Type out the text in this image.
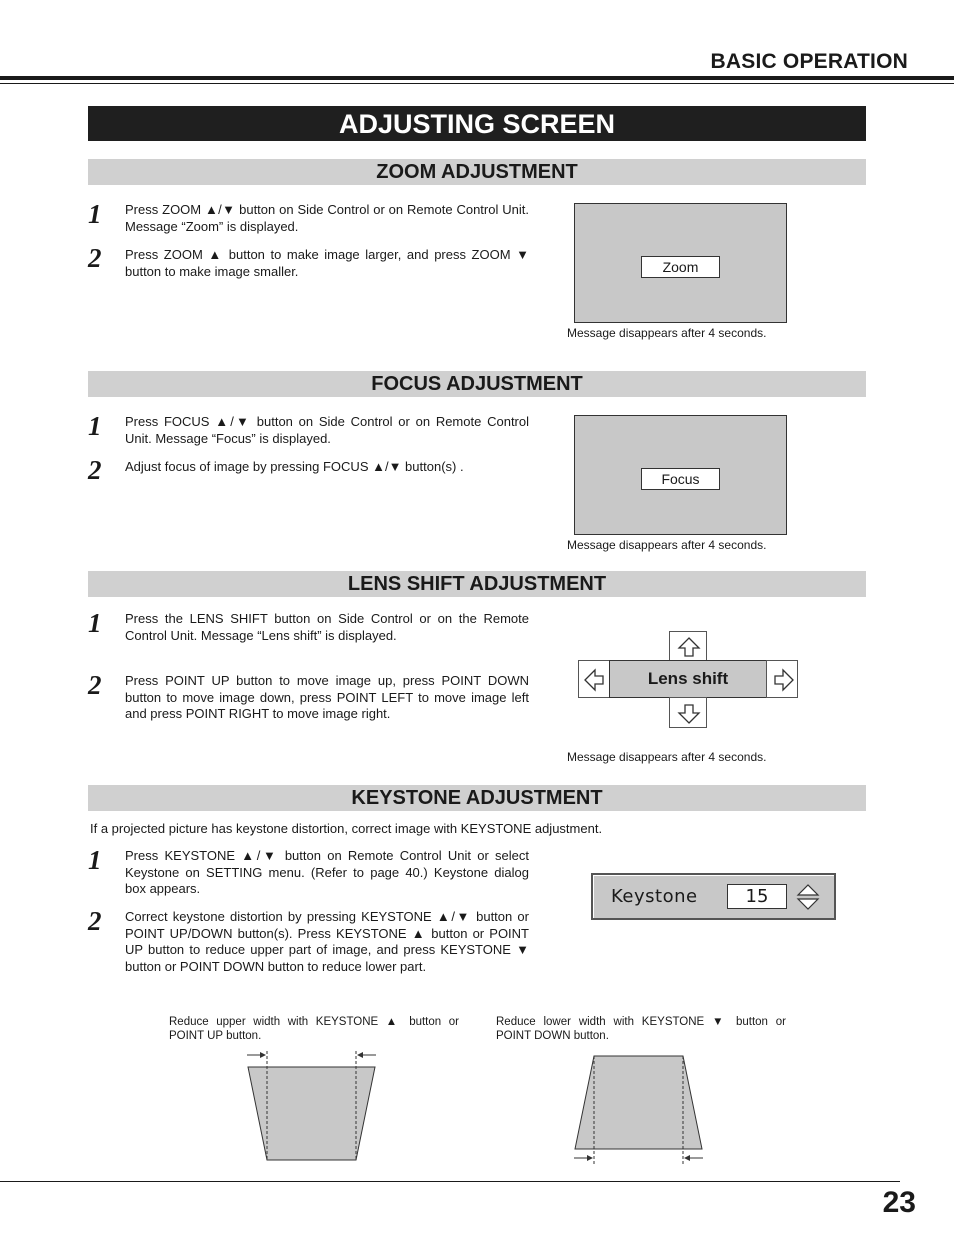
BASIC OPERATION
ADJUSTING SCREEN
ZOOM ADJUSTMENT
1 Press ZOOM ▲/▼ button on Side Control or on Remote Control Unit. Message “Zoom” is displayed.
2 Press ZOOM ▲ button to make image larger, and press ZOOM ▼ button to make image smaller.	Zoom
Message disappears after 4 seconds.
FOCUS ADJUSTMENT
1 Press FOCUS ▲/▼ button on Side Control or on Remote Control Unit. Message “Focus” is displayed.
2 Adjust focus of image by pressing FOCUS ▲/▼ button(s) .
Focus
Message disappears after 4 seconds.
LENS SHIFT ADJUSTMENT
1 Press the LENS SHIFT button on Side Control or on the Remote Control Unit. Message “Lens shift” is displayed.
2 Press POINT UP button to move image up, press POINT DOWN button to move image down, press POINT LEFT to move image left and press POINT RIGHT to move image right.
Lens shift
Message disappears after 4 seconds.
KEYSTONE ADJUSTMENT
If a projected picture has keystone distortion, correct image with KEYSTONE adjustment.
1 Press KEYSTONE ▲/▼ button on Remote Control Unit or select Keystone on SETTING menu. (Refer to page 40.) Keystone dialog box appears.
2 Correct keystone distortion by pressing KEYSTONE ▲/▼ button or POINT UP/DOWN button(s). Press KEYSTONE ▲ button or POINT UP button to reduce upper part of image, and press KEYSTONE ▼ button or POINT DOWN button to reduce lower part.
Keystone	15
Reduce upper width with KEYSTONE ▲ button or POINT UP button.
Reduce lower width with KEYSTONE ▼ button or POINT DOWN button.
23
